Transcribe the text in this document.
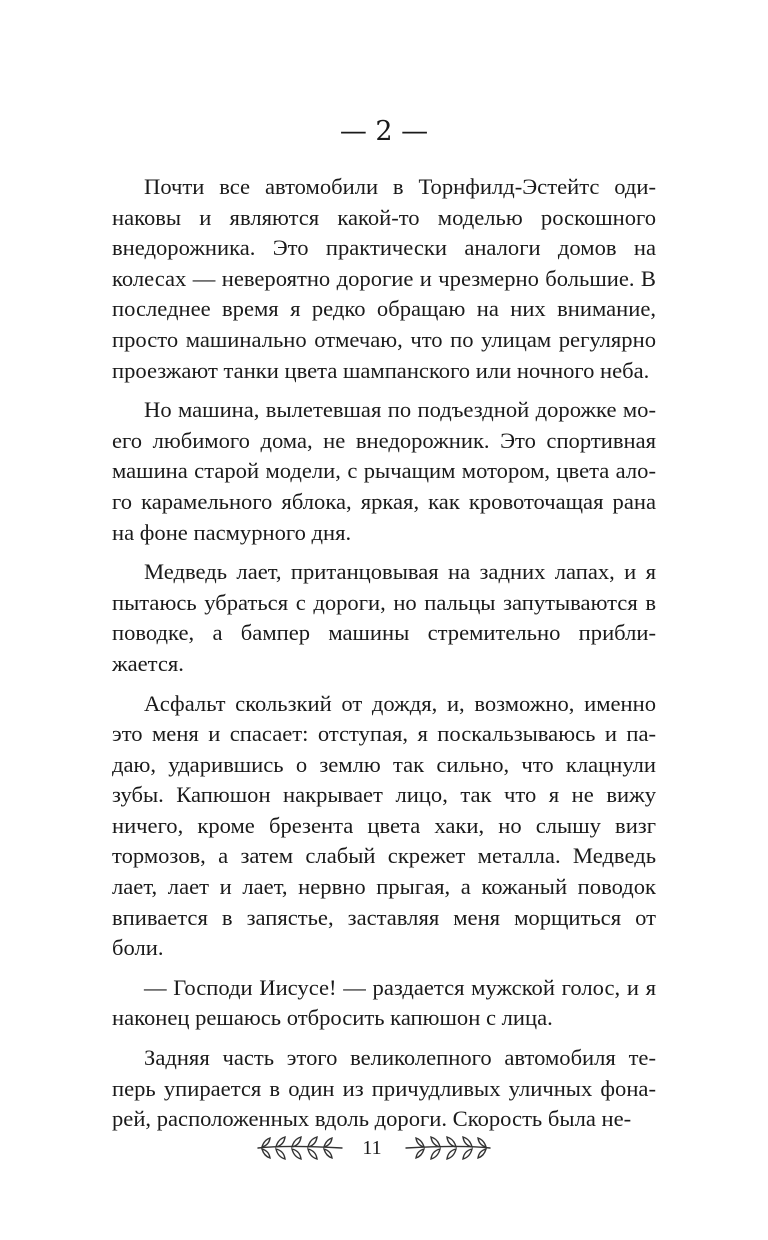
— 2 —

Почти все автомобили в Торнфилд-Эстейтс одинаковы и являются какой-то моделью роскошного внедорожника. Это практически аналоги домов на колесах — невероятно дорогие и чрезмерно большие. В последнее время я редко обращаю на них внимание, просто машинально отмечаю, что по улицам регулярно проезжают танки цвета шампанского или ночного неба.

Но машина, вылетевшая по подъездной дорожке моего любимого дома, не внедорожник. Это спортивная машина старой модели, с рычащим мотором, цвета алого карамельного яблока, яркая, как кровоточащая рана на фоне пасмурного дня.

Медведь лает, пританцовывая на задних лапах, и я пытаюсь убраться с дороги, но пальцы запутываются в поводке, а бампер машины стремительно приближается.

Асфальт скользкий от дождя, и, возможно, именно это меня и спасает: отступая, я поскальзываюсь и падаю, ударившись о землю так сильно, что клацнули зубы. Капюшон накрывает лицо, так что я не вижу ничего, кроме брезента цвета хаки, но слышу визг тормозов, а затем слабый скрежет металла. Медведь лает, лает и лает, нервно прыгая, а кожаный поводок впивается в запястье, заставляя меня морщиться от боли.

— Господи Иисусе! — раздается мужской голос, и я наконец решаюсь отбросить капюшон с лица.

Задняя часть этого великолепного автомобиля теперь упирается в один из причудливых уличных фонарей, расположенных вдоль дороги. Скорость была не-

11
